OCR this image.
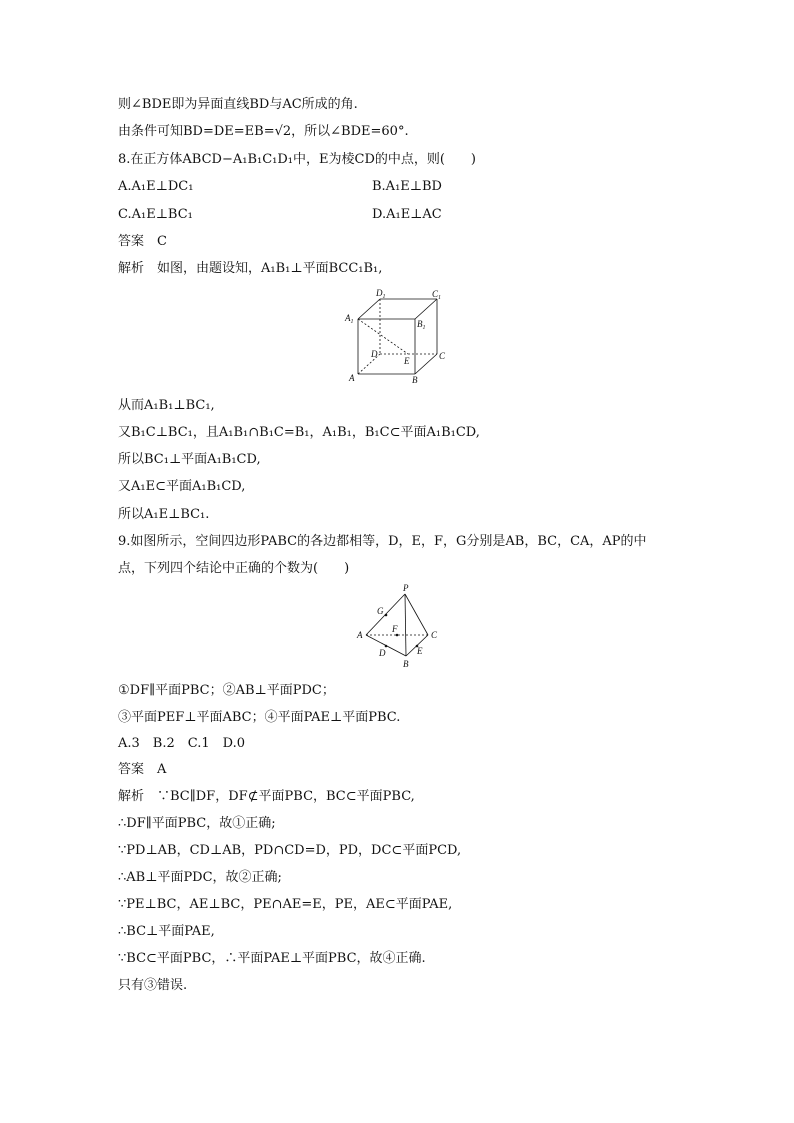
则∠BDE即为异面直线BD与AC所成的角.
由条件可知BD=DE=EB=√2，所以∠BDE=60°.
8.在正方体ABCD−A₁B₁C₁D₁中，E为棱CD的中点，则(　　)
A.A₁E⊥DC₁	B.A₁E⊥BD
C.A₁E⊥BC₁	D.A₁E⊥AC
答案　C
解析　如图，由题设知，A₁B₁⊥平面BCC₁B₁,
$D_1$	$C_1$
$A_1$	$B_1$
D
E	C
A	B
从而A₁B₁⊥BC₁,
又B₁C⊥BC₁，且A₁B₁∩B₁C=B₁，A₁B₁，B₁C⊂平面A₁B₁CD,
所以BC₁⊥平面A₁B₁CD,
又A₁E⊂平面A₁B₁CD,
所以A₁E⊥BC₁.
9.如图所示，空间四边形PABC的各边都相等，D，E，F，G分别是AB，BC，CA，AP的中
点，下列四个结论中正确的个数为(　　)
P
G
F
A	C
D	E
B
①DF∥平面PBC；②AB⊥平面PDC；
③平面PEF⊥平面ABC；④平面PAE⊥平面PBC.
A.3　B.2　C.1　D.0
答案　A
解析　∵BC∥DF，DF⊄平面PBC，BC⊂平面PBC,
∴DF∥平面PBC，故①正确;
∵PD⊥AB，CD⊥AB，PD∩CD=D，PD，DC⊂平面PCD,
∴AB⊥平面PDC，故②正确;
∵PE⊥BC，AE⊥BC，PE∩AE=E，PE，AE⊂平面PAE,
∴BC⊥平面PAE,
∵BC⊂平面PBC，∴平面PAE⊥平面PBC，故④正确.
只有③错误.
